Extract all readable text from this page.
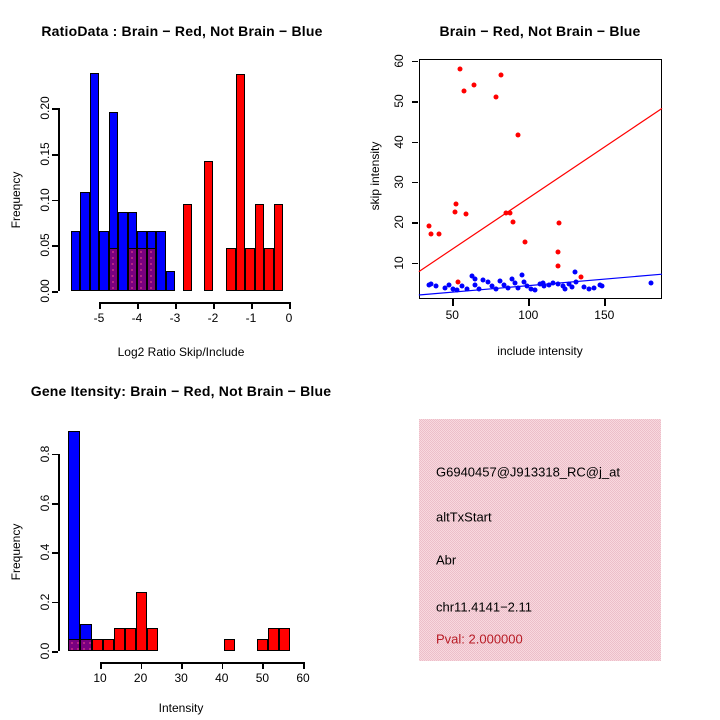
RatioData : Brain − Red, Not Brain − Blue
Log2 Ratio Skip/Include
Frequency
Brain − Red, Not Brain − Blue
include intensity
skip intensity
Gene Itensity: Brain − Red, Not Brain − Blue
Intensity
Frequency
G6940457@J913318_RC@j_at
altTxStart
Abr
chr11.4141−2.11
Pval: 2.000000
0.00
0.05
0.10
0.15
0.20
-5 -4 -3 -2 -1 0	50	100	150
10
20
30
40
50
60
0.0
0.2
0.4
0.6
0.8
10 20 30 40 50 60
